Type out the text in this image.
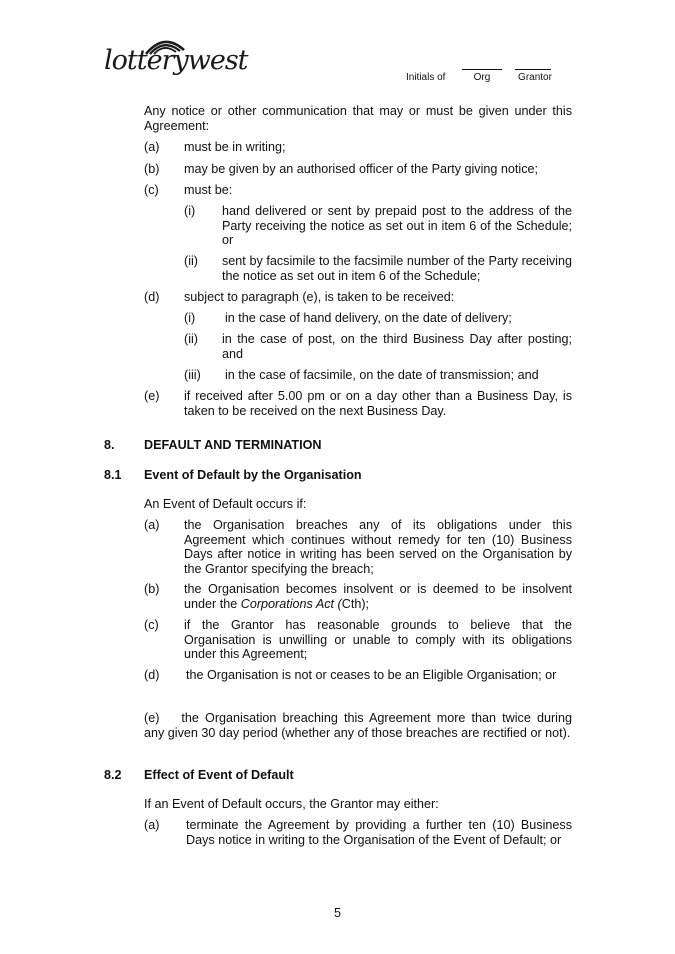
lotterywest
Initials of	Org	Grantor
Any notice or other communication that may or must be given under this Agreement:
(a) must be in writing;
(b) may be given by an authorised officer of the Party giving notice;
(c) must be:
(i) hand delivered or sent by prepaid post to the address of the Party receiving the notice as set out in item 6 of the Schedule; or
(ii) sent by facsimile to the facsimile number of the Party receiving the notice as set out in item 6 of the Schedule;
(d) subject to paragraph (e), is taken to be received:
(i) in the case of hand delivery, on the date of delivery;
(ii) in the case of post, on the third Business Day after posting; and
(iii) in the case of facsimile, on the date of transmission; and
(e) if received after 5.00 pm or on a day other than a Business Day, is taken to be received on the next Business Day.
8. DEFAULT AND TERMINATION
8.1 Event of Default by the Organisation
An Event of Default occurs if:
(a) the Organisation breaches any of its obligations under this Agreement which continues without remedy for ten (10) Business Days after notice in writing has been served on the Organisation by the Grantor specifying the breach;
(b) the Organisation becomes insolvent or is deemed to be insolvent under the Corporations Act (Cth);
(c) if the Grantor has reasonable grounds to believe that the Organisation is unwilling or unable to comply with its obligations under this Agreement;
(d) the Organisation is not or ceases to be an Eligible Organisation; or
(e) the Organisation breaching this Agreement more than twice during any given 30 day period (whether any of those breaches are rectified or not).
8.2 Effect of Event of Default
If an Event of Default occurs, the Grantor may either:
(a) terminate the Agreement by providing a further ten (10) Business Days notice in writing to the Organisation of the Event of Default; or
5
